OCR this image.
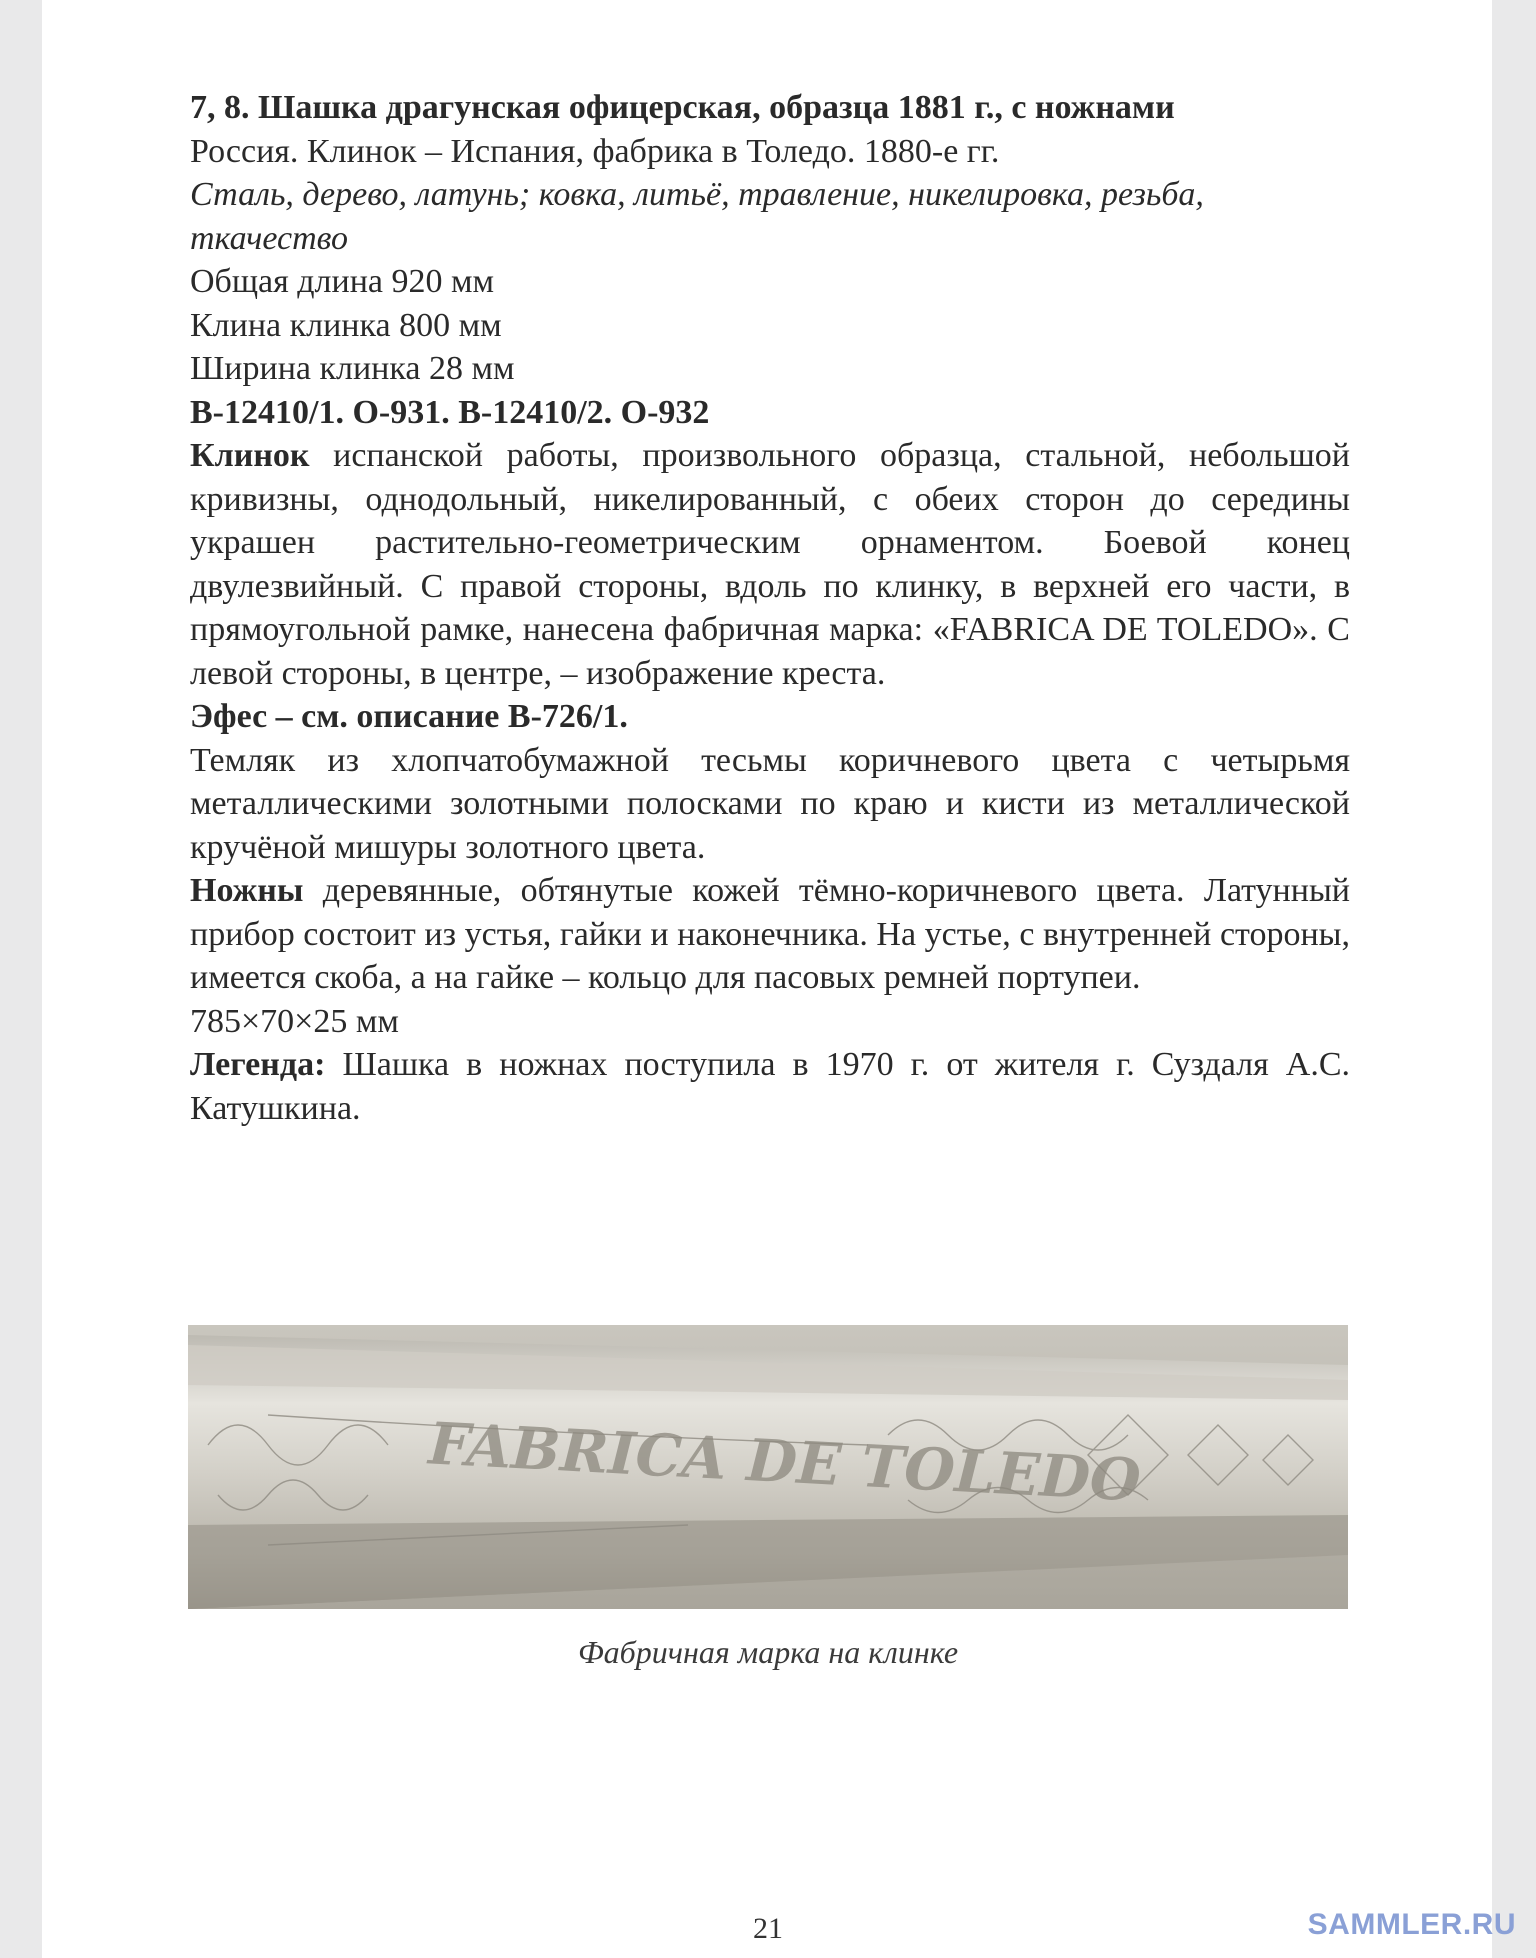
7, 8. Шашка драгунская офицерская, образца 1881 г., с ножнами

Россия. Клинок – Испания, фабрика в Толедо. 1880-е гг.

Сталь, дерево, латунь; ковка, литьё, травление, никелировка, резьба, ткачество

Общая длина 920 мм

Клина клинка 800 мм

Ширина клинка 28 мм

В-12410/1. О-931. В-12410/2. О-932

Клинок испанской работы, произвольного образца, стальной, небольшой кривизны, однодольный, никелированный, с обеих сторон до середины украшен растительно-геометрическим орнаментом. Боевой конец двулезвийный. С правой стороны, вдоль по клинку, в верхней его части, в прямоугольной рамке, нанесена фабричная марка: «FABRICA DE TOLEDO». С левой стороны, в центре, – изображение креста.

Эфес – см. описание В-726/1.

Темляк из хлопчатобумажной тесьмы коричневого цвета с четырьмя металлическими золотными полосками по краю и кисти из металлической кручёной мишуры золотного цвета.

Ножны деревянные, обтянутые кожей тёмно-коричневого цвета. Латунный прибор состоит из устья, гайки и наконечника. На устье, с внутренней стороны, имеется скоба, а на гайке – кольцо для пасовых ремней портупеи.

785×70×25 мм

Легенда: Шашка в ножнах поступила в 1970 г. от жителя г. Суздаля А.С. Катушкина.

FABRICA DE TOLEDO
Фабричная марка на клинке
21	SAMMLER.RU
